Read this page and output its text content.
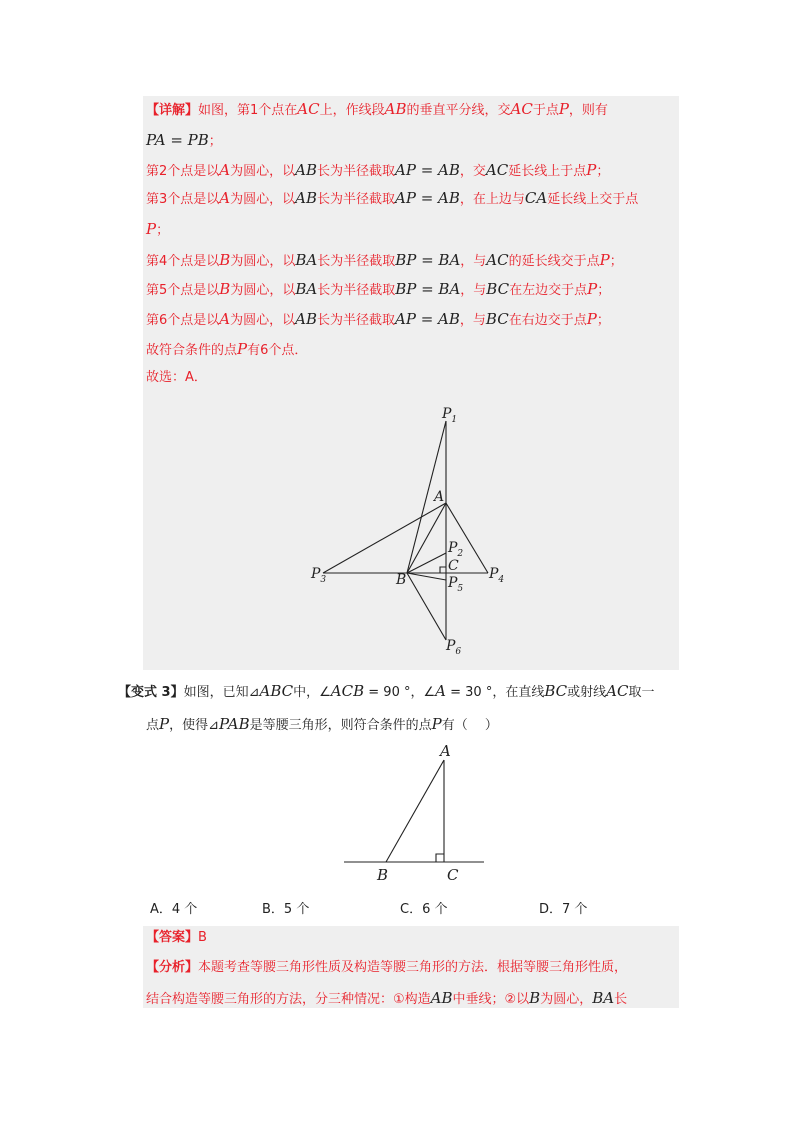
【详解】如图，第1个点在AC上，作线段AB的垂直平分线，交AC于点P，则有
PA = PB；
第2个点是以A为圆心，以AB长为半径截取AP = AB，交AC延长线上于点P；
第3个点是以A为圆心，以AB长为半径截取AP = AB，在上边与CA延长线上交于点
P；
第4个点是以B为圆心，以BA长为半径截取BP = BA，与AC的延长线交于点P；
第5个点是以B为圆心，以BA长为半径截取BP = BA，与BC在左边交于点P；
第6个点是以A为圆心，以AB长为半径截取AP = AB，与BC在右边交于点P；
故符合条件的点P有6个点．
故选：A．
$P_1$
A
$P_2$
C
$P_3$	B	$P_5$
$P_4$
$P_6$
【变式 3】如图，已知⊿ABC中，∠ACB = 90 °，∠A = 30 °，在直线BC或射线AC取一
点P，使得⊿PAB是等腰三角形，则符合条件的点P有（　 ）
A
B	C
A．4 个	B．5 个	C．6 个	D．7 个
【答案】B
【分析】本题考查等腰三角形性质及构造等腰三角形的方法．根据等腰三角形性质，
结合构造等腰三角形的方法，分三种情况：①构造AB中垂线；②以B为圆心，BA长
